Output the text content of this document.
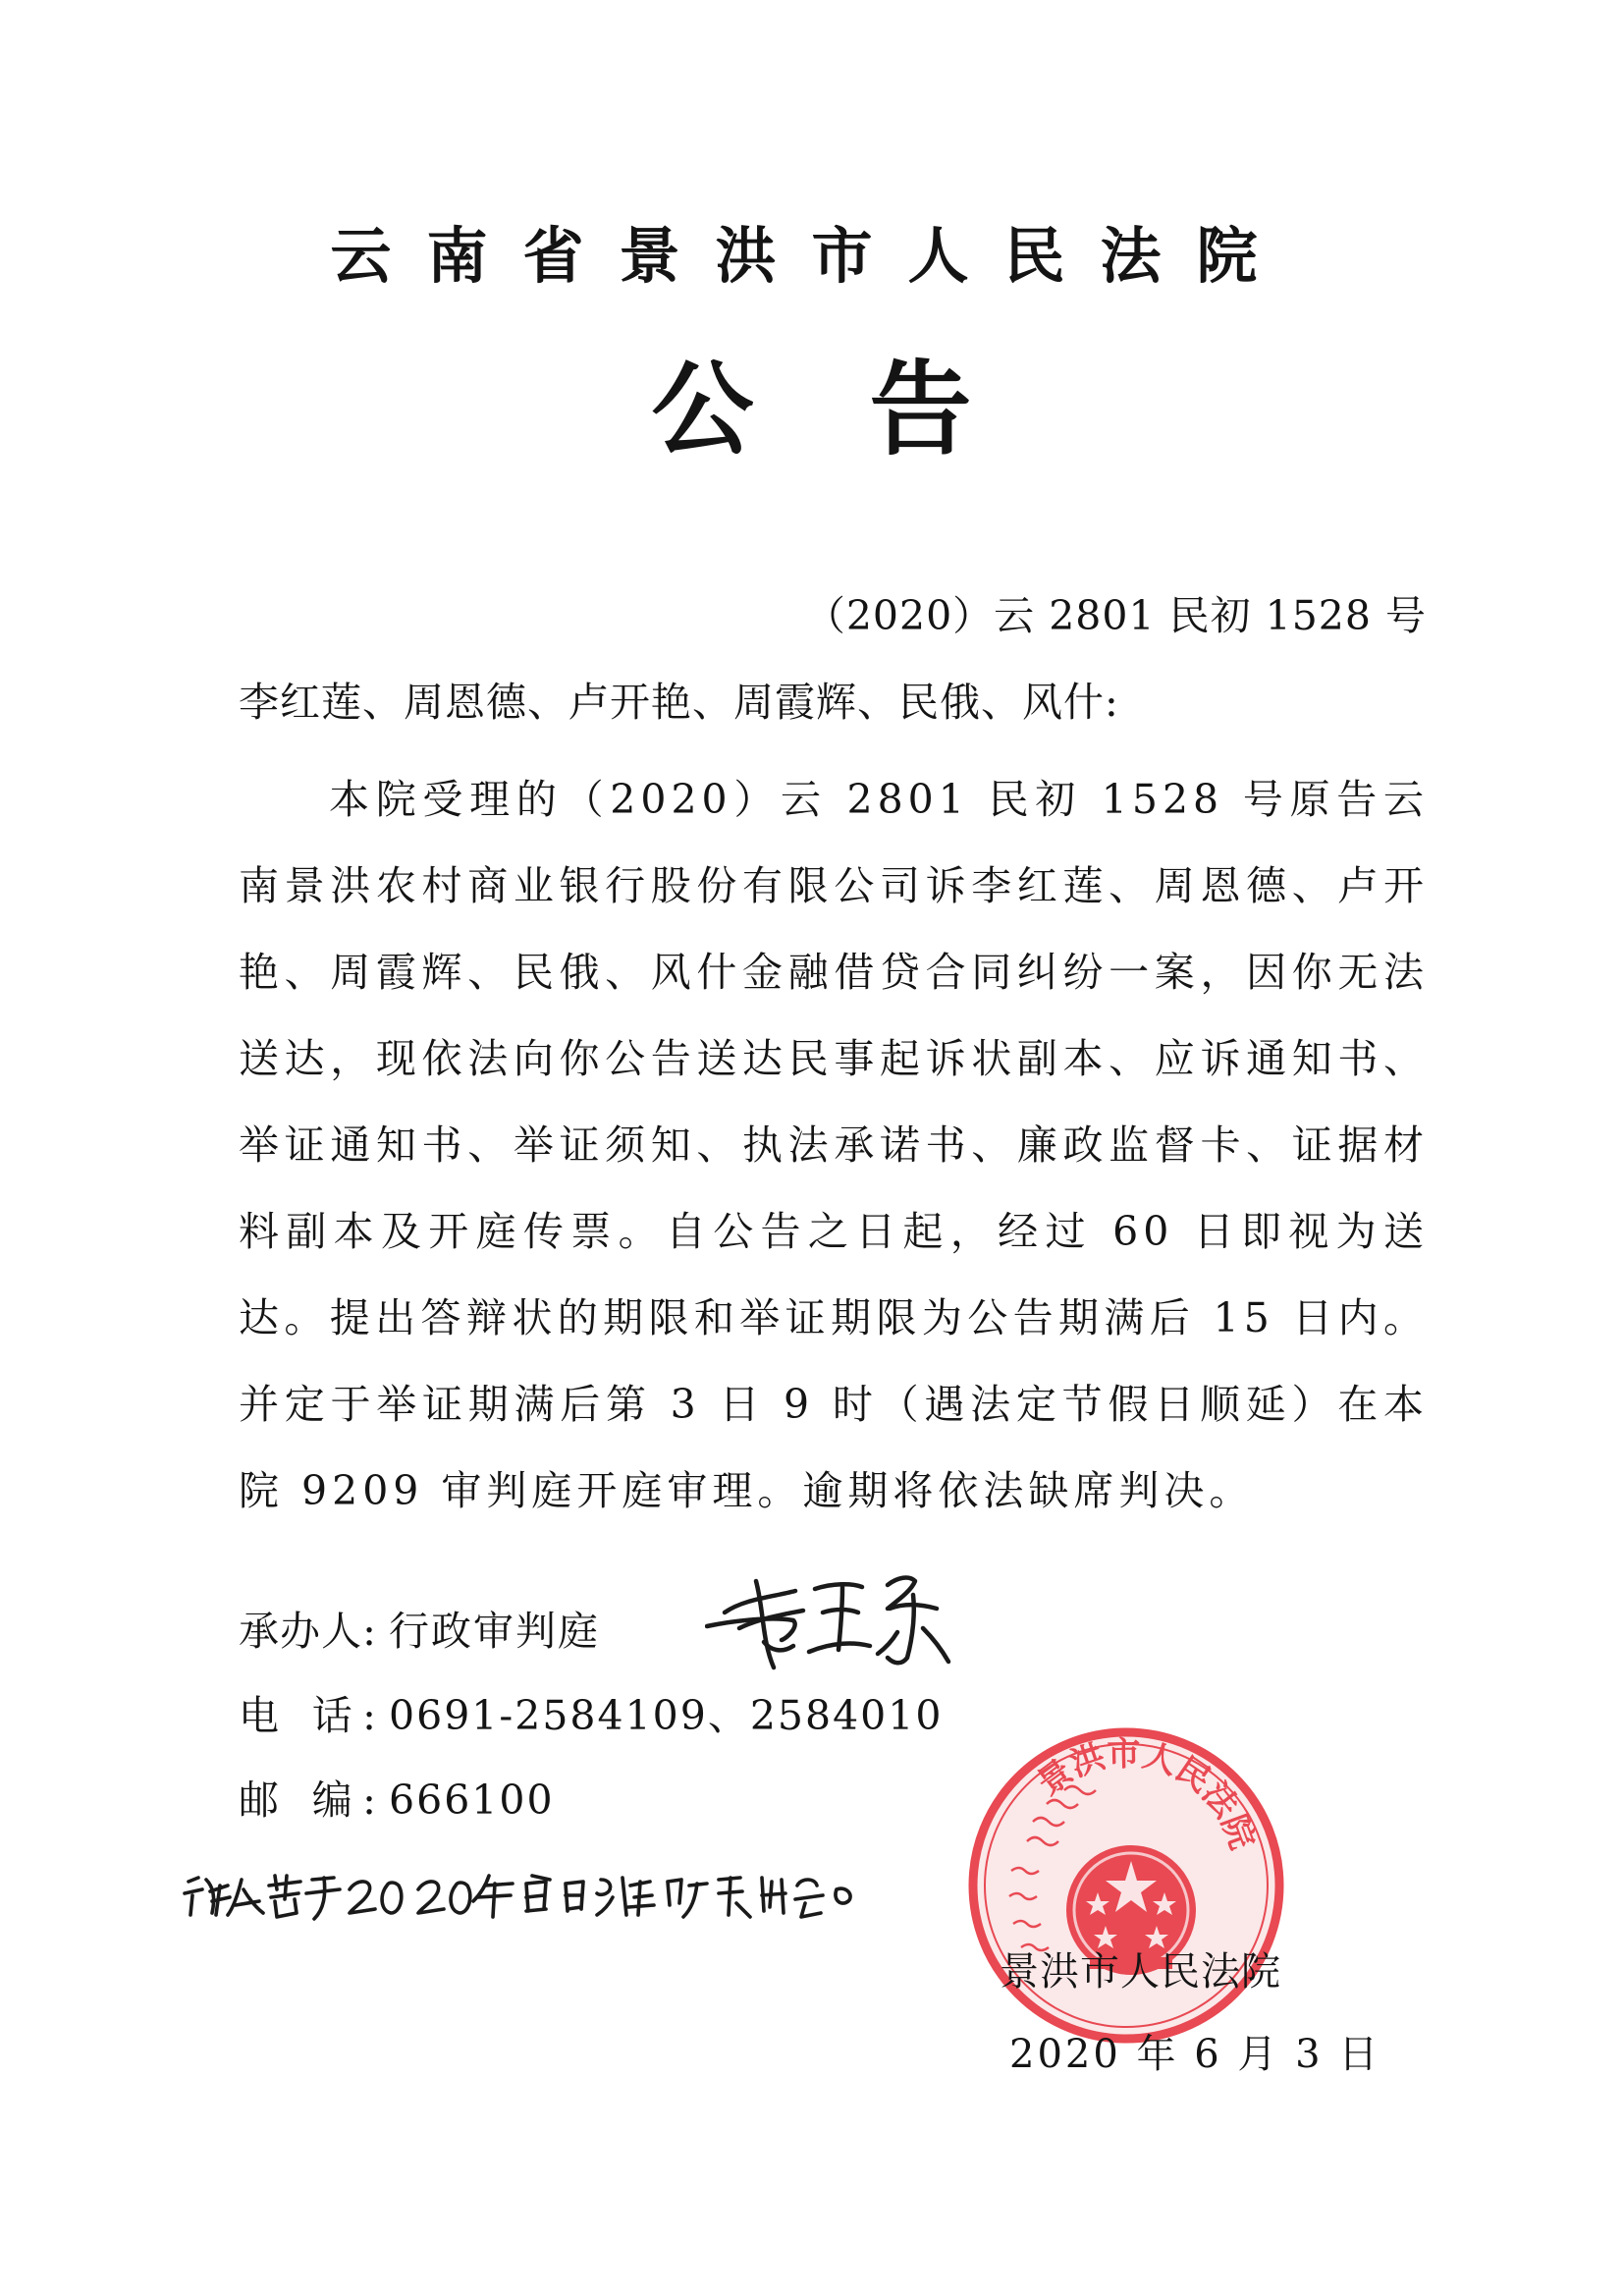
云南省景洪市人民法院
公告
（2020）云 2801 民初 1528 号
李红莲、周恩德、卢开艳、周霞辉、民俄、风什:
本院受理的（2020）云 2801 民初 1528 号原告云南景洪农村商业银行股份有限公司诉李红莲、周恩德、卢开艳、周霞辉、民俄、风什金融借贷合同纠纷一案，因你无法送达，现依法向你公告送达民事起诉状副本、应诉通知书、举证通知书、举证须知、执法承诺书、廉政监督卡、证据材料副本及开庭传票。自公告之日起，经过 60 日即视为送达。提出答辩状的期限和举证期限为公告期满后 15 日内。并定于举证期满后第 3 日 9 时（遇法定节假日顺延）在本院 9209 审判庭开庭审理。逾期将依法缺席判决。
承办人: 行政审判庭
电 话: 0691-2584109、2584010
邮 编: 666100	景洪市人民法院
景洪市人民法院
2020 年 6 月 3 日
